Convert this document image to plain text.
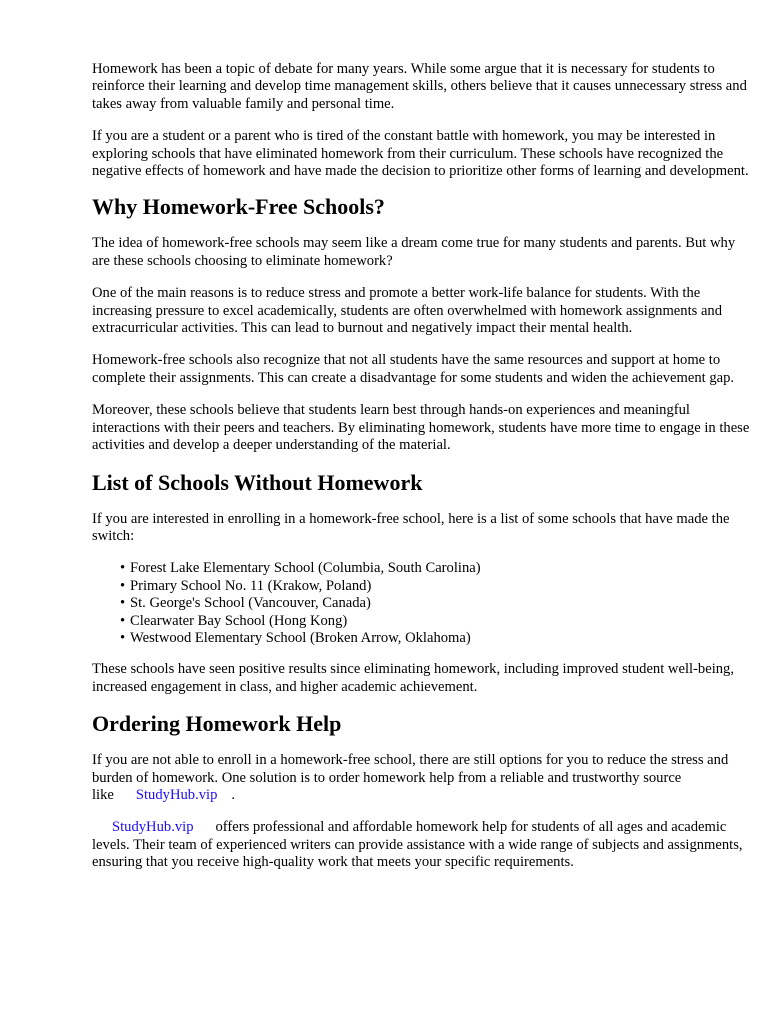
Homework has been a topic of debate for many years. While some argue that it is necessary for students to reinforce their learning and develop time management skills, others believe that it causes unnecessary stress and takes away from valuable family and personal time.

If you are a student or a parent who is tired of the constant battle with homework, you may be interested in exploring schools that have eliminated homework from their curriculum. These schools have recognized the negative effects of homework and have made the decision to prioritize other forms of learning and development.

Why Homework-Free Schools?

The idea of homework-free schools may seem like a dream come true for many students and parents. But why are these schools choosing to eliminate homework?

One of the main reasons is to reduce stress and promote a better work-life balance for students. With the increasing pressure to excel academically, students are often overwhelmed with homework assignments and extracurricular activities. This can lead to burnout and negatively impact their mental health.

Homework-free schools also recognize that not all students have the same resources and support at home to complete their assignments. This can create a disadvantage for some students and widen the achievement gap.

Moreover, these schools believe that students learn best through hands-on experiences and meaningful interactions with their peers and teachers. By eliminating homework, students have more time to engage in these activities and develop a deeper understanding of the material.

List of Schools Without Homework

If you are interested in enrolling in a homework-free school, here is a list of some schools that have made the switch:

• Forest Lake Elementary School (Columbia, South Carolina)
• Primary School No. 11 (Krakow, Poland)
• St. George's School (Vancouver, Canada)
• Clearwater Bay School (Hong Kong)
• Westwood Elementary School (Broken Arrow, Oklahoma)

These schools have seen positive results since eliminating homework, including improved student well-being, increased engagement in class, and higher academic achievement.

Ordering Homework Help

If you are not able to enroll in a homework-free school, there are still options for you to reduce the stress and burden of homework. One solution is to order homework help from a reliable and trustworthy source like StudyHub.vip .

StudyHub.vip offers professional and affordable homework help for students of all ages and academic levels. Their team of experienced writers can provide assistance with a wide range of subjects and assignments, ensuring that you receive high-quality work that meets your specific requirements.
